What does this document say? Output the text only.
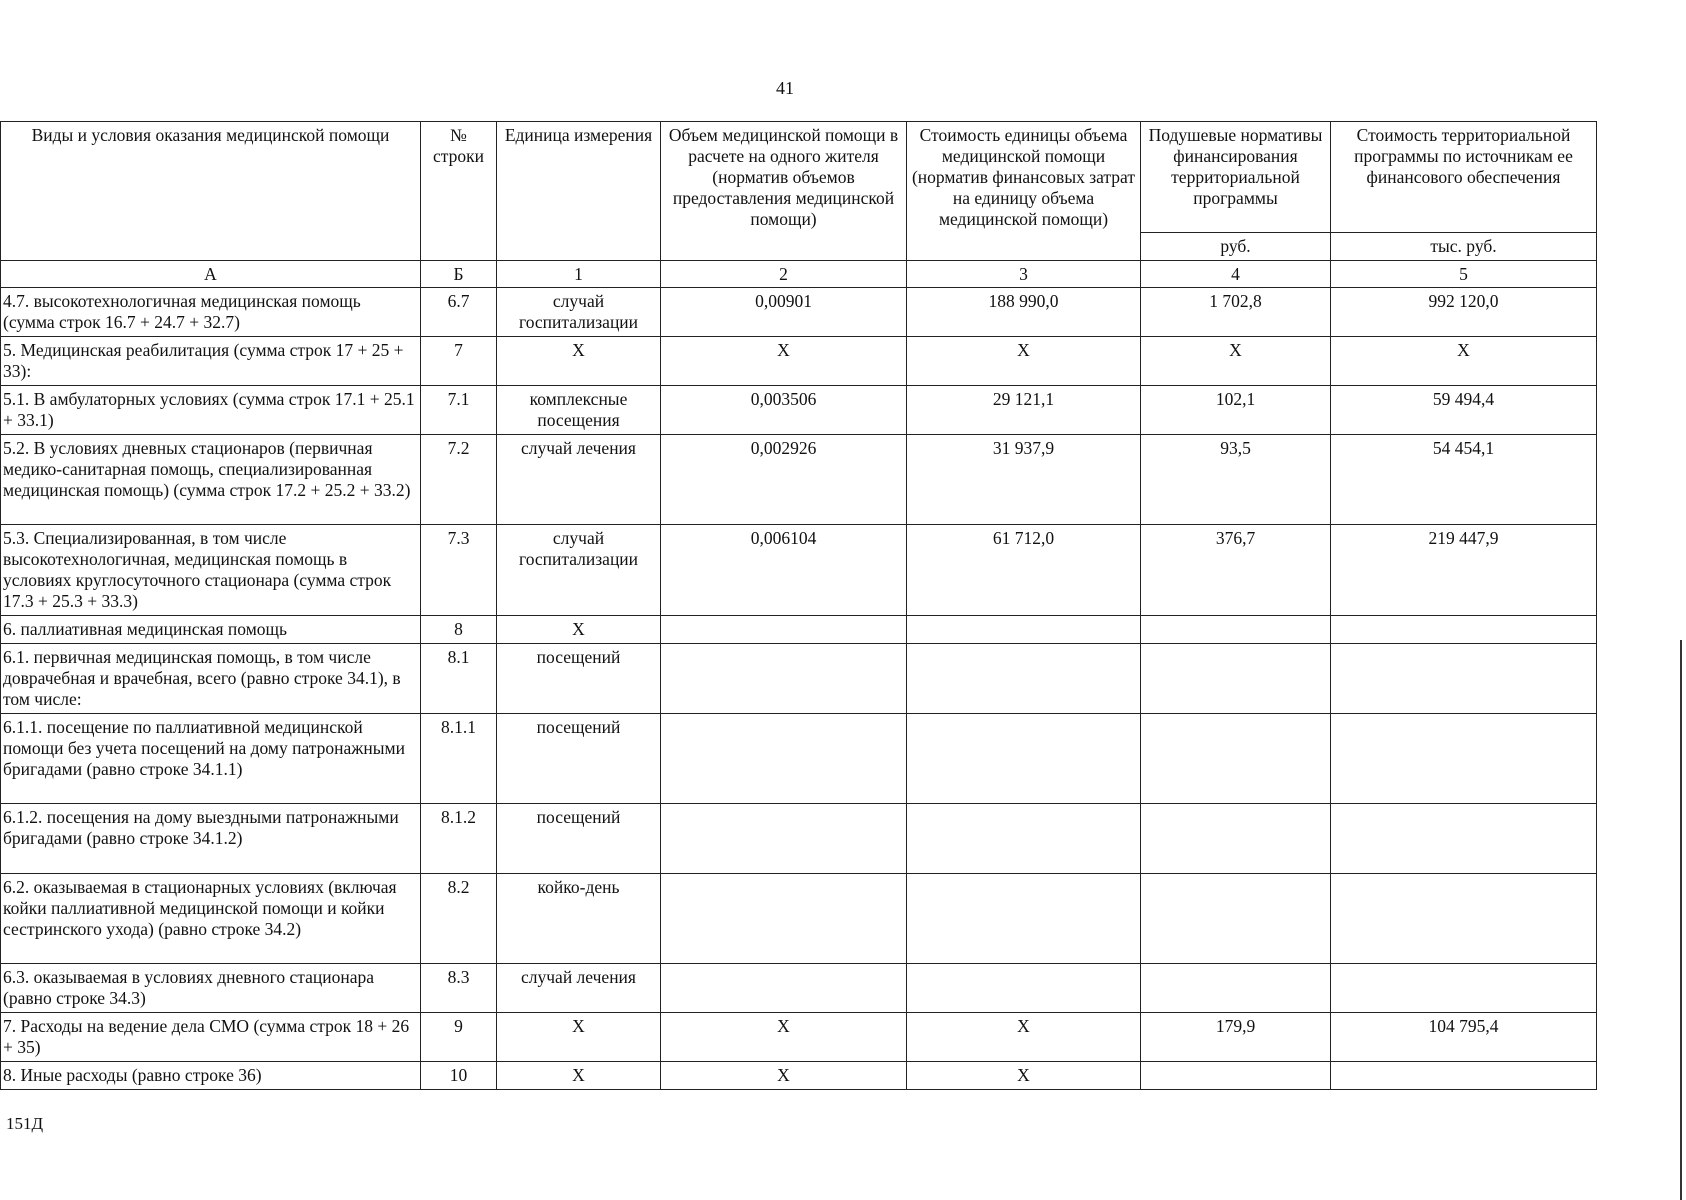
41
Виды и условия оказания медицинской помощи	№ строки	Единица измерения	Объем медицинской помощи в расчете на одного жителя (норматив объемов предоставления медицинской помощи)	Стоимость единицы объема медицинской помощи (норматив финансовых затрат на единицу объема медицинской помощи)	Подушевые нормативы финансирования территориальной программы	Стоимость территориальной программы по источникам ее финансового обеспечения
					руб.	тыс. руб.
А	Б	1	2	3	4	5
4.7. высокотехнологичная медицинская помощь (сумма строк 16.7 + 24.7 + 32.7)	6.7	случай госпитализации	0,00901	188 990,0	1 702,8	992 120,0
5. Медицинская реабилитация (сумма строк 17 + 25 + 33):	7	Х	Х	Х	Х	Х
5.1. В амбулаторных условиях (сумма строк 17.1 + 25.1 + 33.1)	7.1	комплексные посещения	0,003506	29 121,1	102,1	59 494,4
5.2. В условиях дневных стационаров (первичная медико-санитарная помощь, специализированная медицинская помощь) (сумма строк 17.2 + 25.2 + 33.2)	7.2	случай лечения	0,002926	31 937,9	93,5	54 454,1
5.3. Специализированная, в том числе высокотехнологичная, медицинская помощь в условиях круглосуточного стационара (сумма строк 17.3 + 25.3 + 33.3)	7.3	случай госпитализации	0,006104	61 712,0	376,7	219 447,9
6. паллиативная медицинская помощь	8	Х				
6.1. первичная медицинская помощь, в том числе доврачебная и врачебная, всего (равно строке 34.1), в том числе:	8.1	посещений				
6.1.1. посещение по паллиативной медицинской помощи без учета посещений на дому патронажными бригадами (равно строке 34.1.1)	8.1.1	посещений				
6.1.2. посещения на дому выездными патронажными бригадами (равно строке 34.1.2)	8.1.2	посещений				
6.2. оказываемая в стационарных условиях (включая койки паллиативной медицинской помощи и койки сестринского ухода) (равно строке 34.2)	8.2	койко-день				
6.3. оказываемая в условиях дневного стационара (равно строке 34.3)	8.3	случай лечения				
7. Расходы на ведение дела СМО (сумма строк 18 + 26 + 35)	9	Х	Х	Х	179,9	104 795,4
8. Иные расходы (равно строке 36)	10	Х	Х	Х		
151Д
